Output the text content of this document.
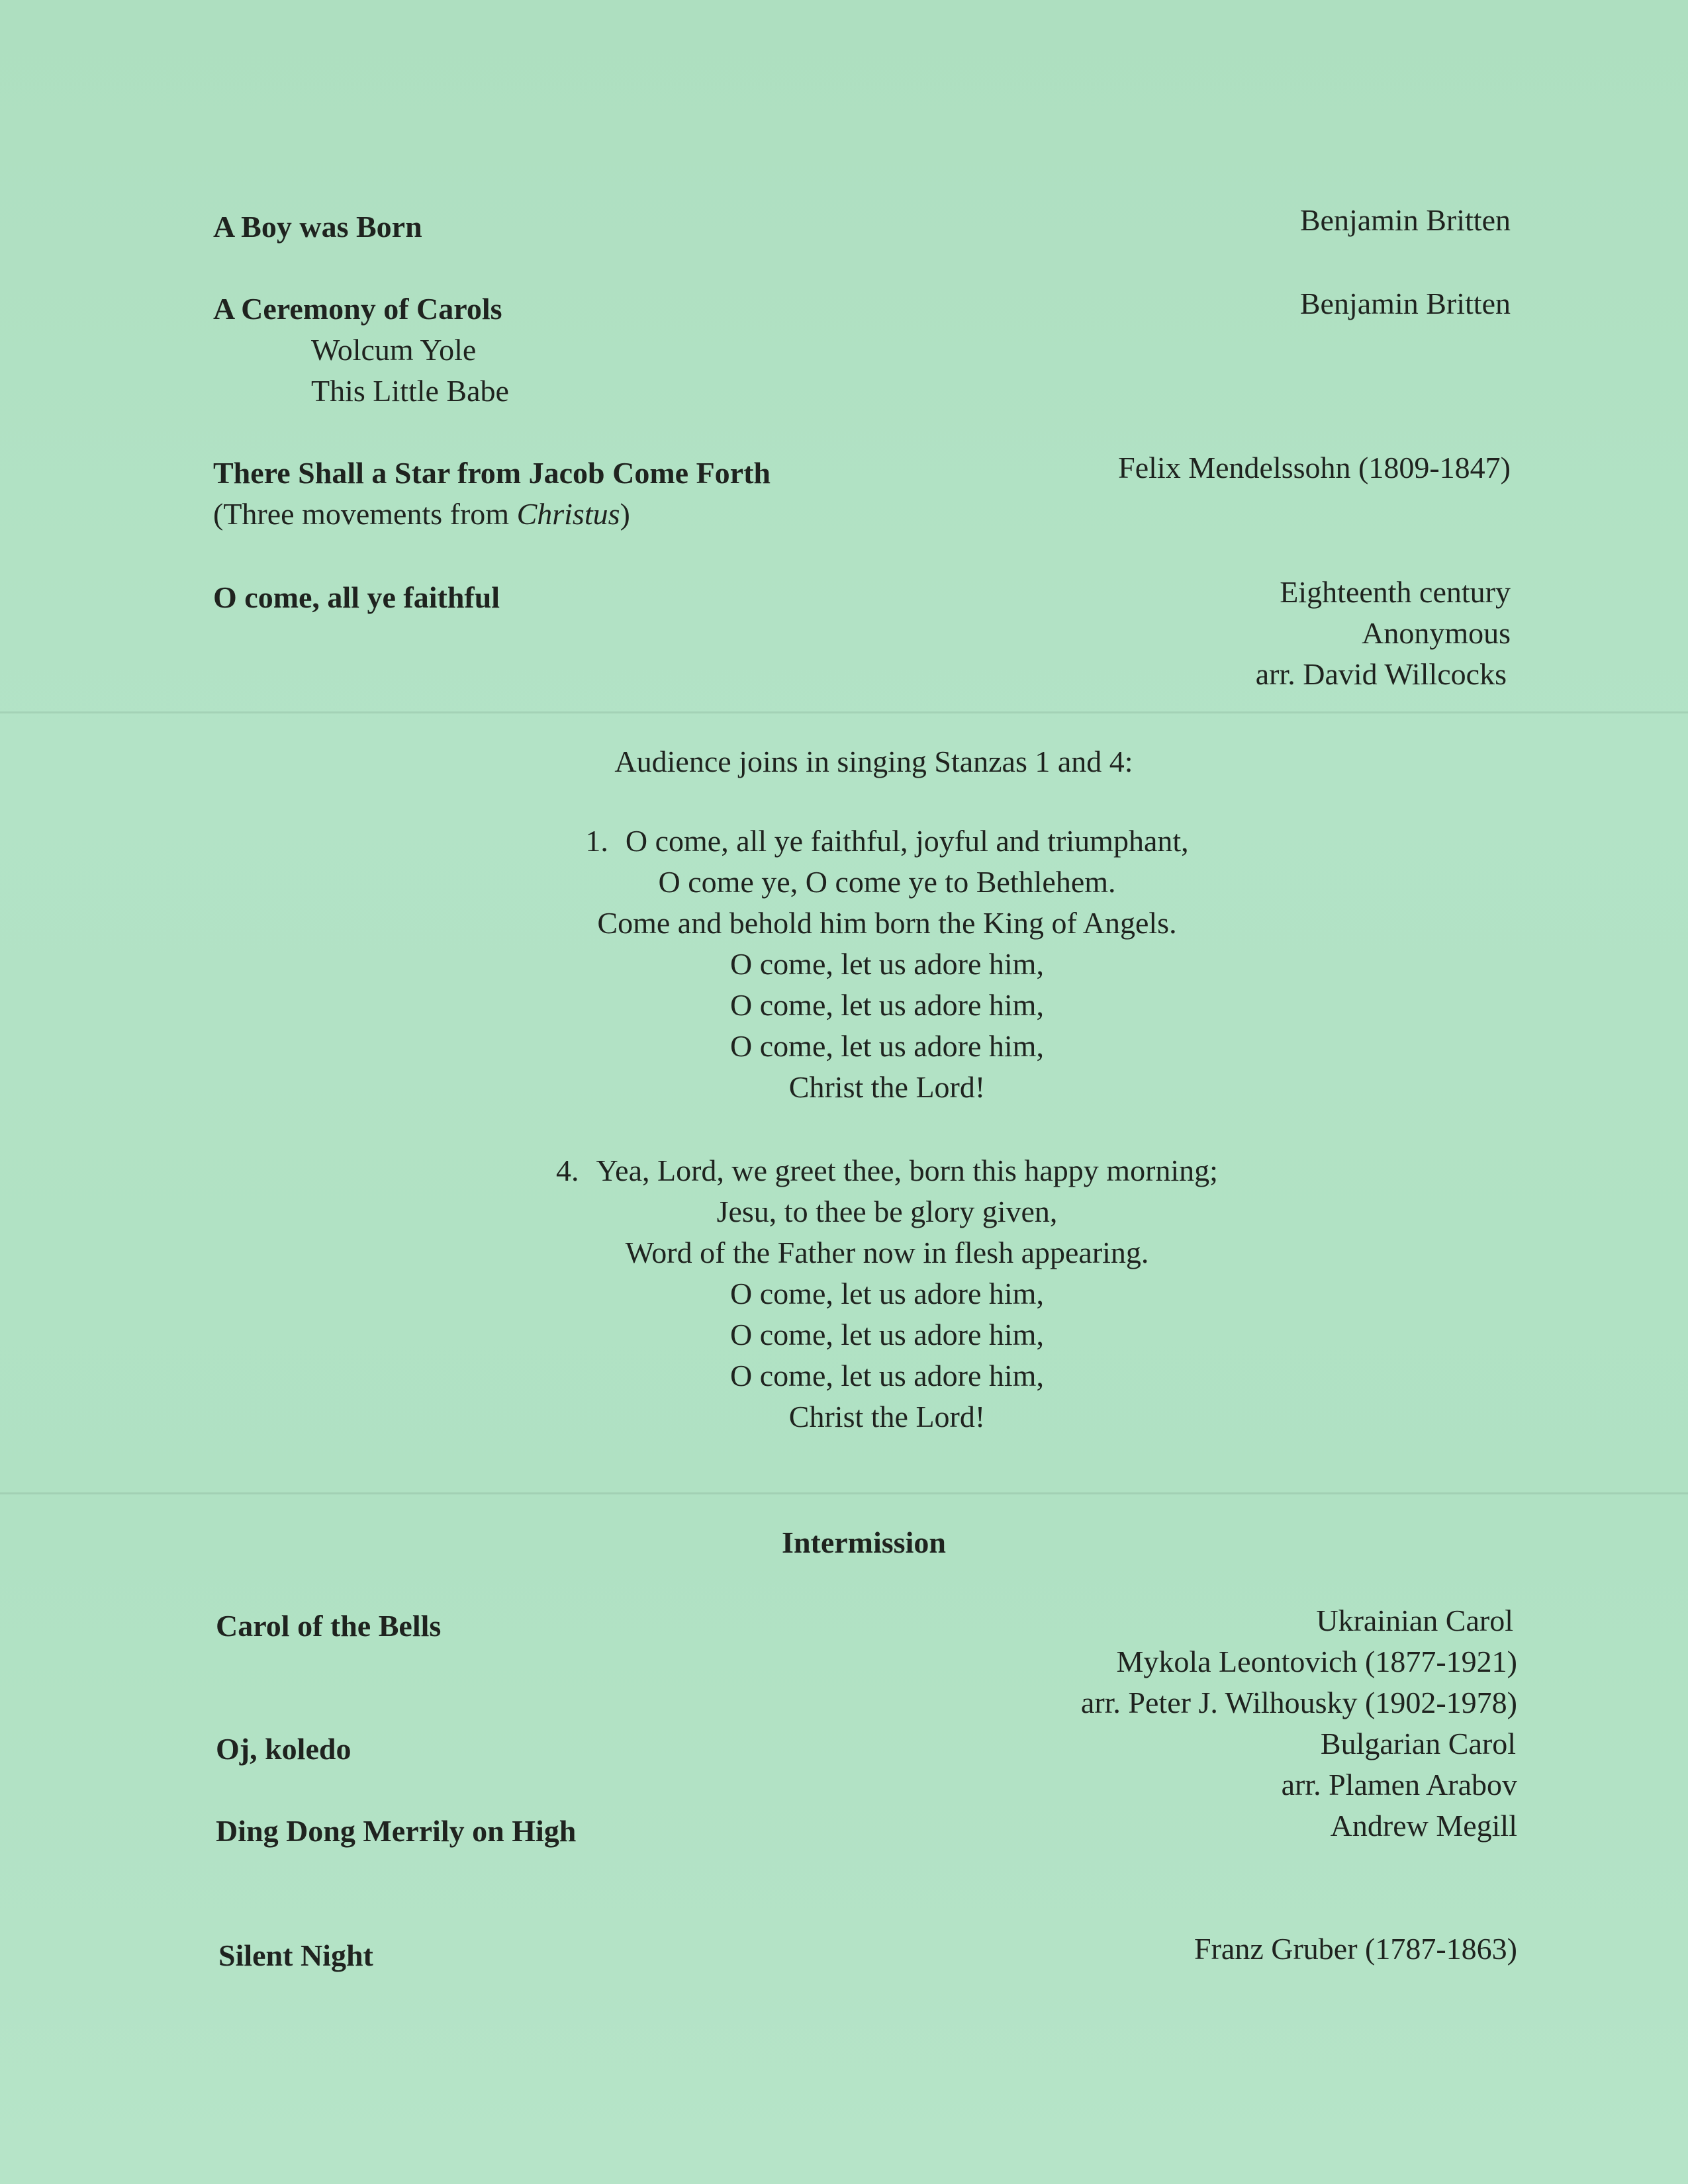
A Boy was Born	Benjamin Britten
A Ceremony of Carols	Benjamin Britten
Wolcum Yole
This Little Babe
There Shall a Star from Jacob Come Forth	Felix Mendelssohn (1809-1847)
(Three movements from Christus)
O come, all ye faithful	Eighteenth century
Anonymous
arr. David Willcocks
Audience joins in singing Stanzas 1 and 4:
1. O come, all ye faithful, joyful and triumphant,
O come ye, O come ye to Bethlehem.
Come and behold him born the King of Angels.
O come, let us adore him,
O come, let us adore him,
O come, let us adore him,
Christ the Lord!
4. Yea, Lord, we greet thee, born this happy morning;
Jesu, to thee be glory given,
Word of the Father now in flesh appearing.
O come, let us adore him,
O come, let us adore him,
O come, let us adore him,
Christ the Lord!
Intermission
Carol of the Bells	Ukrainian Carol
Mykola Leontovich (1877-1921)
arr. Peter J. Wilhousky (1902-1978)
Oj, koledo	Bulgarian Carol
arr. Plamen Arabov
Ding Dong Merrily on High	Andrew Megill
Silent Night	Franz Gruber (1787-1863)
